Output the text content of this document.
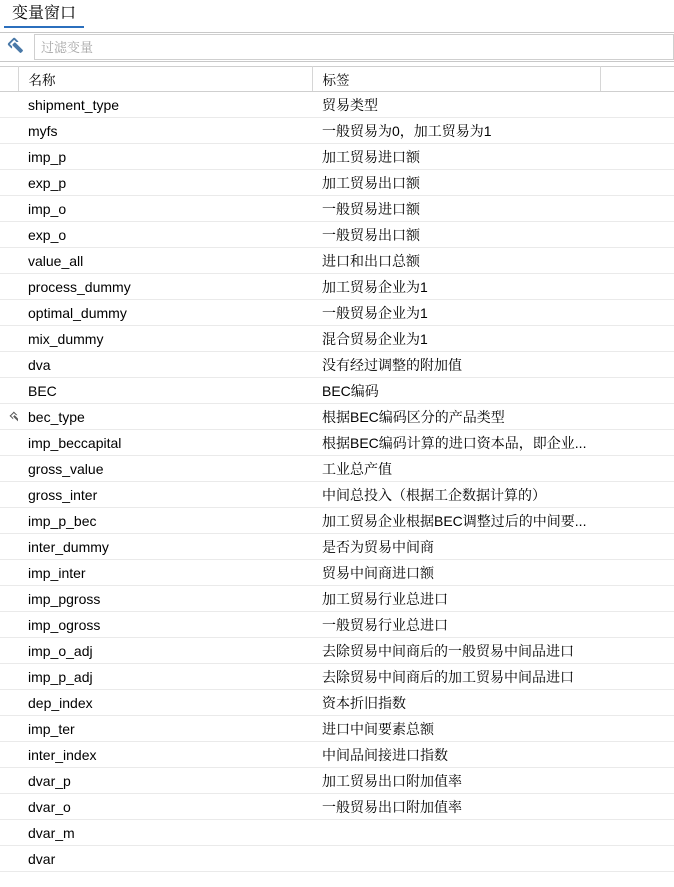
变量窗口
过滤变量
	名称	标签	
	shipment_type	贸易类型	
	myfs	一般贸易为0，加工贸易为1	
	imp_p	加工贸易进口额	
	exp_p	加工贸易出口额	
	imp_o	一般贸易进口额	
	exp_o	一般贸易出口额	
	value_all	进口和出口总额	
	process_dummy	加工贸易企业为1	
	optimal_dummy	一般贸易企业为1	
	mix_dummy	混合贸易企业为1	
	dva	没有经过调整的附加值	
	BEC	BEC编码	

	bec_type	根据BEC编码区分的产品类型	
	imp_beccapital	根据BEC编码计算的进口资本品，即企业...	
	gross_value	工业总产值	
	gross_inter	中间总投入（根据工企数据计算的）	
	imp_p_bec	加工贸易企业根据BEC调整过后的中间要...	
	inter_dummy	是否为贸易中间商	
	imp_inter	贸易中间商进口额	
	imp_pgross	加工贸易行业总进口	
	imp_ogross	一般贸易行业总进口	
	imp_o_adj	去除贸易中间商后的一般贸易中间品进口	
	imp_p_adj	去除贸易中间商后的加工贸易中间品进口	
	dep_index	资本折旧指数	
	imp_ter	进口中间要素总额	
	inter_index	中间品间接进口指数	
	dvar_p	加工贸易出口附加值率	
	dvar_o	一般贸易出口附加值率	
	dvar_m		
	dvar		
